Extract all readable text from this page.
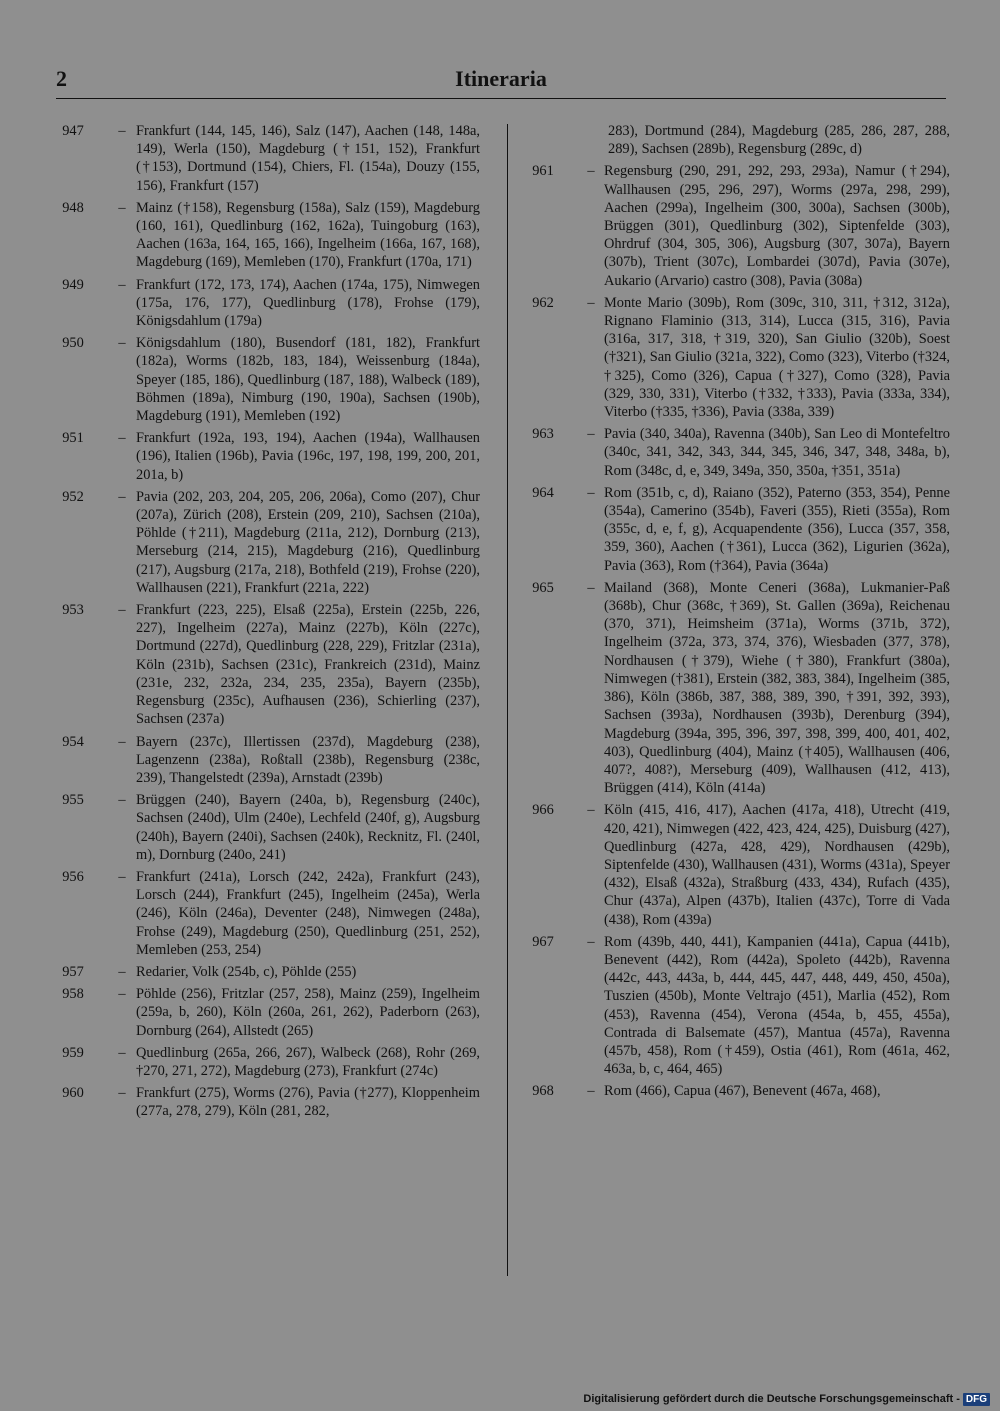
2	Itineraria
947	– Frankfurt (144, 145, 146), Salz (147), Aachen (148, 148a, 149), Werla (150), Magdeburg (†151, 152), Frankfurt (†153), Dortmund (154), Chiers, Fl. (154a), Douzy (155, 156), Frankfurt (157)
948	– Mainz (†158), Regensburg (158a), Salz (159), Magdeburg (160, 161), Quedlinburg (162, 162a), Tuingoburg (163), Aachen (163a, 164, 165, 166), Ingelheim (166a, 167, 168), Magdeburg (169), Memleben (170), Frankfurt (170a, 171)
949	– Frankfurt (172, 173, 174), Aachen (174a, 175), Nimwegen (175a, 176, 177), Quedlinburg (178), Frohse (179), Königsdahlum (179a)
950	– Königsdahlum (180), Busendorf (181, 182), Frankfurt (182a), Worms (182b, 183, 184), Weissenburg (184a), Speyer (185, 186), Quedlinburg (187, 188), Walbeck (189), Böhmen (189a), Nimburg (190, 190a), Sachsen (190b), Magdeburg (191), Memleben (192)
951	– Frankfurt (192a, 193, 194), Aachen (194a), Wallhausen (196), Italien (196b), Pavia (196c, 197, 198, 199, 200, 201, 201a, b)
952	– Pavia (202, 203, 204, 205, 206, 206a), Como (207), Chur (207a), Zürich (208), Erstein (209, 210), Sachsen (210a), Pöhlde (†211), Magdeburg (211a, 212), Dornburg (213), Merseburg (214, 215), Magdeburg (216), Quedlinburg (217), Augsburg (217a, 218), Bothfeld (219), Frohse (220), Wallhausen (221), Frankfurt (221a, 222)
953	– Frankfurt (223, 225), Elsaß (225a), Erstein (225b, 226, 227), Ingelheim (227a), Mainz (227b), Köln (227c), Dortmund (227d), Quedlinburg (228, 229), Fritzlar (231a), Köln (231b), Sachsen (231c), Frankreich (231d), Mainz (231e, 232, 232a, 234, 235, 235a), Bayern (235b), Regensburg (235c), Aufhausen (236), Schierling (237), Sachsen (237a)
954	– Bayern (237c), Illertissen (237d), Magdeburg (238), Lagenzenn (238a), Roßtall (238b), Regensburg (238c, 239), Thangelstedt (239a), Arnstadt (239b)
955	– Brüggen (240), Bayern (240a, b), Regensburg (240c), Sachsen (240d), Ulm (240e), Lechfeld (240f, g), Augsburg (240h), Bayern (240i), Sachsen (240k), Recknitz, Fl. (240l, m), Dornburg (240o, 241)
956	– Frankfurt (241a), Lorsch (242, 242a), Frankfurt (243), Lorsch (244), Frankfurt (245), Ingelheim (245a), Werla (246), Köln (246a), Deventer (248), Nimwegen (248a), Frohse (249), Magdeburg (250), Quedlinburg (251, 252), Memleben (253, 254)
957	– Redarier, Volk (254b, c), Pöhlde (255)
958	– Pöhlde (256), Fritzlar (257, 258), Mainz (259), Ingelheim (259a, b, 260), Köln (260a, 261, 262), Paderborn (263), Dornburg (264), Allstedt (265)
959	– Quedlinburg (265a, 266, 267), Walbeck (268), Rohr (269, †270, 271, 272), Magdeburg (273), Frankfurt (274c)
960	– Frankfurt (275), Worms (276), Pavia (†277), Kloppenheim (277a, 278, 279), Köln (281, 282,
283), Dortmund (284), Magdeburg (285, 286, 287, 288, 289), Sachsen (289b), Regensburg (289c, d)
961	– Regensburg (290, 291, 292, 293, 293a), Namur (†294), Wallhausen (295, 296, 297), Worms (297a, 298, 299), Aachen (299a), Ingelheim (300, 300a), Sachsen (300b), Brüggen (301), Quedlinburg (302), Siptenfelde (303), Ohrdruf (304, 305, 306), Augsburg (307, 307a), Bayern (307b), Trient (307c), Lombardei (307d), Pavia (307e), Aukario (Arvario) castro (308), Pavia (308a)
962	– Monte Mario (309b), Rom (309c, 310, 311, †312, 312a), Rignano Flaminio (313, 314), Lucca (315, 316), Pavia (316a, 317, 318, †319, 320), San Giulio (320b), Soest (†321), San Giulio (321a, 322), Como (323), Viterbo (†324, †325), Como (326), Capua (†327), Como (328), Pavia (329, 330, 331), Viterbo (†332, †333), Pavia (333a, 334), Viterbo (†335, †336), Pavia (338a, 339)
963	– Pavia (340, 340a), Ravenna (340b), San Leo di Montefeltro (340c, 341, 342, 343, 344, 345, 346, 347, 348, 348a, b), Rom (348c, d, e, 349, 349a, 350, 350a, †351, 351a)
964	– Rom (351b, c, d), Raiano (352), Paterno (353, 354), Penne (354a), Camerino (354b), Faveri (355), Rieti (355a), Rom (355c, d, e, f, g), Acquapendente (356), Lucca (357, 358, 359, 360), Aachen (†361), Lucca (362), Ligurien (362a), Pavia (363), Rom (†364), Pavia (364a)
965	– Mailand (368), Monte Ceneri (368a), Lukmanier-Paß (368b), Chur (368c, †369), St. Gallen (369a), Reichenau (370, 371), Heimsheim (371a), Worms (371b, 372), Ingelheim (372a, 373, 374, 376), Wiesbaden (377, 378), Nordhausen (†379), Wiehe (†380), Frankfurt (380a), Nimwegen (†381), Erstein (382, 383, 384), Ingelheim (385, 386), Köln (386b, 387, 388, 389, 390, †391, 392, 393), Sachsen (393a), Nordhausen (393b), Derenburg (394), Magdeburg (394a, 395, 396, 397, 398, 399, 400, 401, 402, 403), Quedlinburg (404), Mainz (†405), Wallhausen (406, 407?, 408?), Merseburg (409), Wallhausen (412, 413), Brüggen (414), Köln (414a)
966	– Köln (415, 416, 417), Aachen (417a, 418), Utrecht (419, 420, 421), Nimwegen (422, 423, 424, 425), Duisburg (427), Quedlinburg (427a, 428, 429), Nordhausen (429b), Siptenfelde (430), Wallhausen (431), Worms (431a), Speyer (432), Elsaß (432a), Straßburg (433, 434), Rufach (435), Chur (437a), Alpen (437b), Italien (437c), Torre di Vada (438), Rom (439a)
967	– Rom (439b, 440, 441), Kampanien (441a), Capua (441b), Benevent (442), Rom (442a), Spoleto (442b), Ravenna (442c, 443, 443a, b, 444, 445, 447, 448, 449, 450, 450a), Tuszien (450b), Monte Veltrajo (451), Marlia (452), Rom (453), Ravenna (454), Verona (454a, b, 455, 455a), Contrada di Balsemate (457), Mantua (457a), Ravenna (457b, 458), Rom (†459), Ostia (461), Rom (461a, 462, 463a, b, c, 464, 465)
968	– Rom (466), Capua (467), Benevent (467a, 468),
Digitalisierung gefördert durch die Deutsche Forschungsgemeinschaft - DFG
